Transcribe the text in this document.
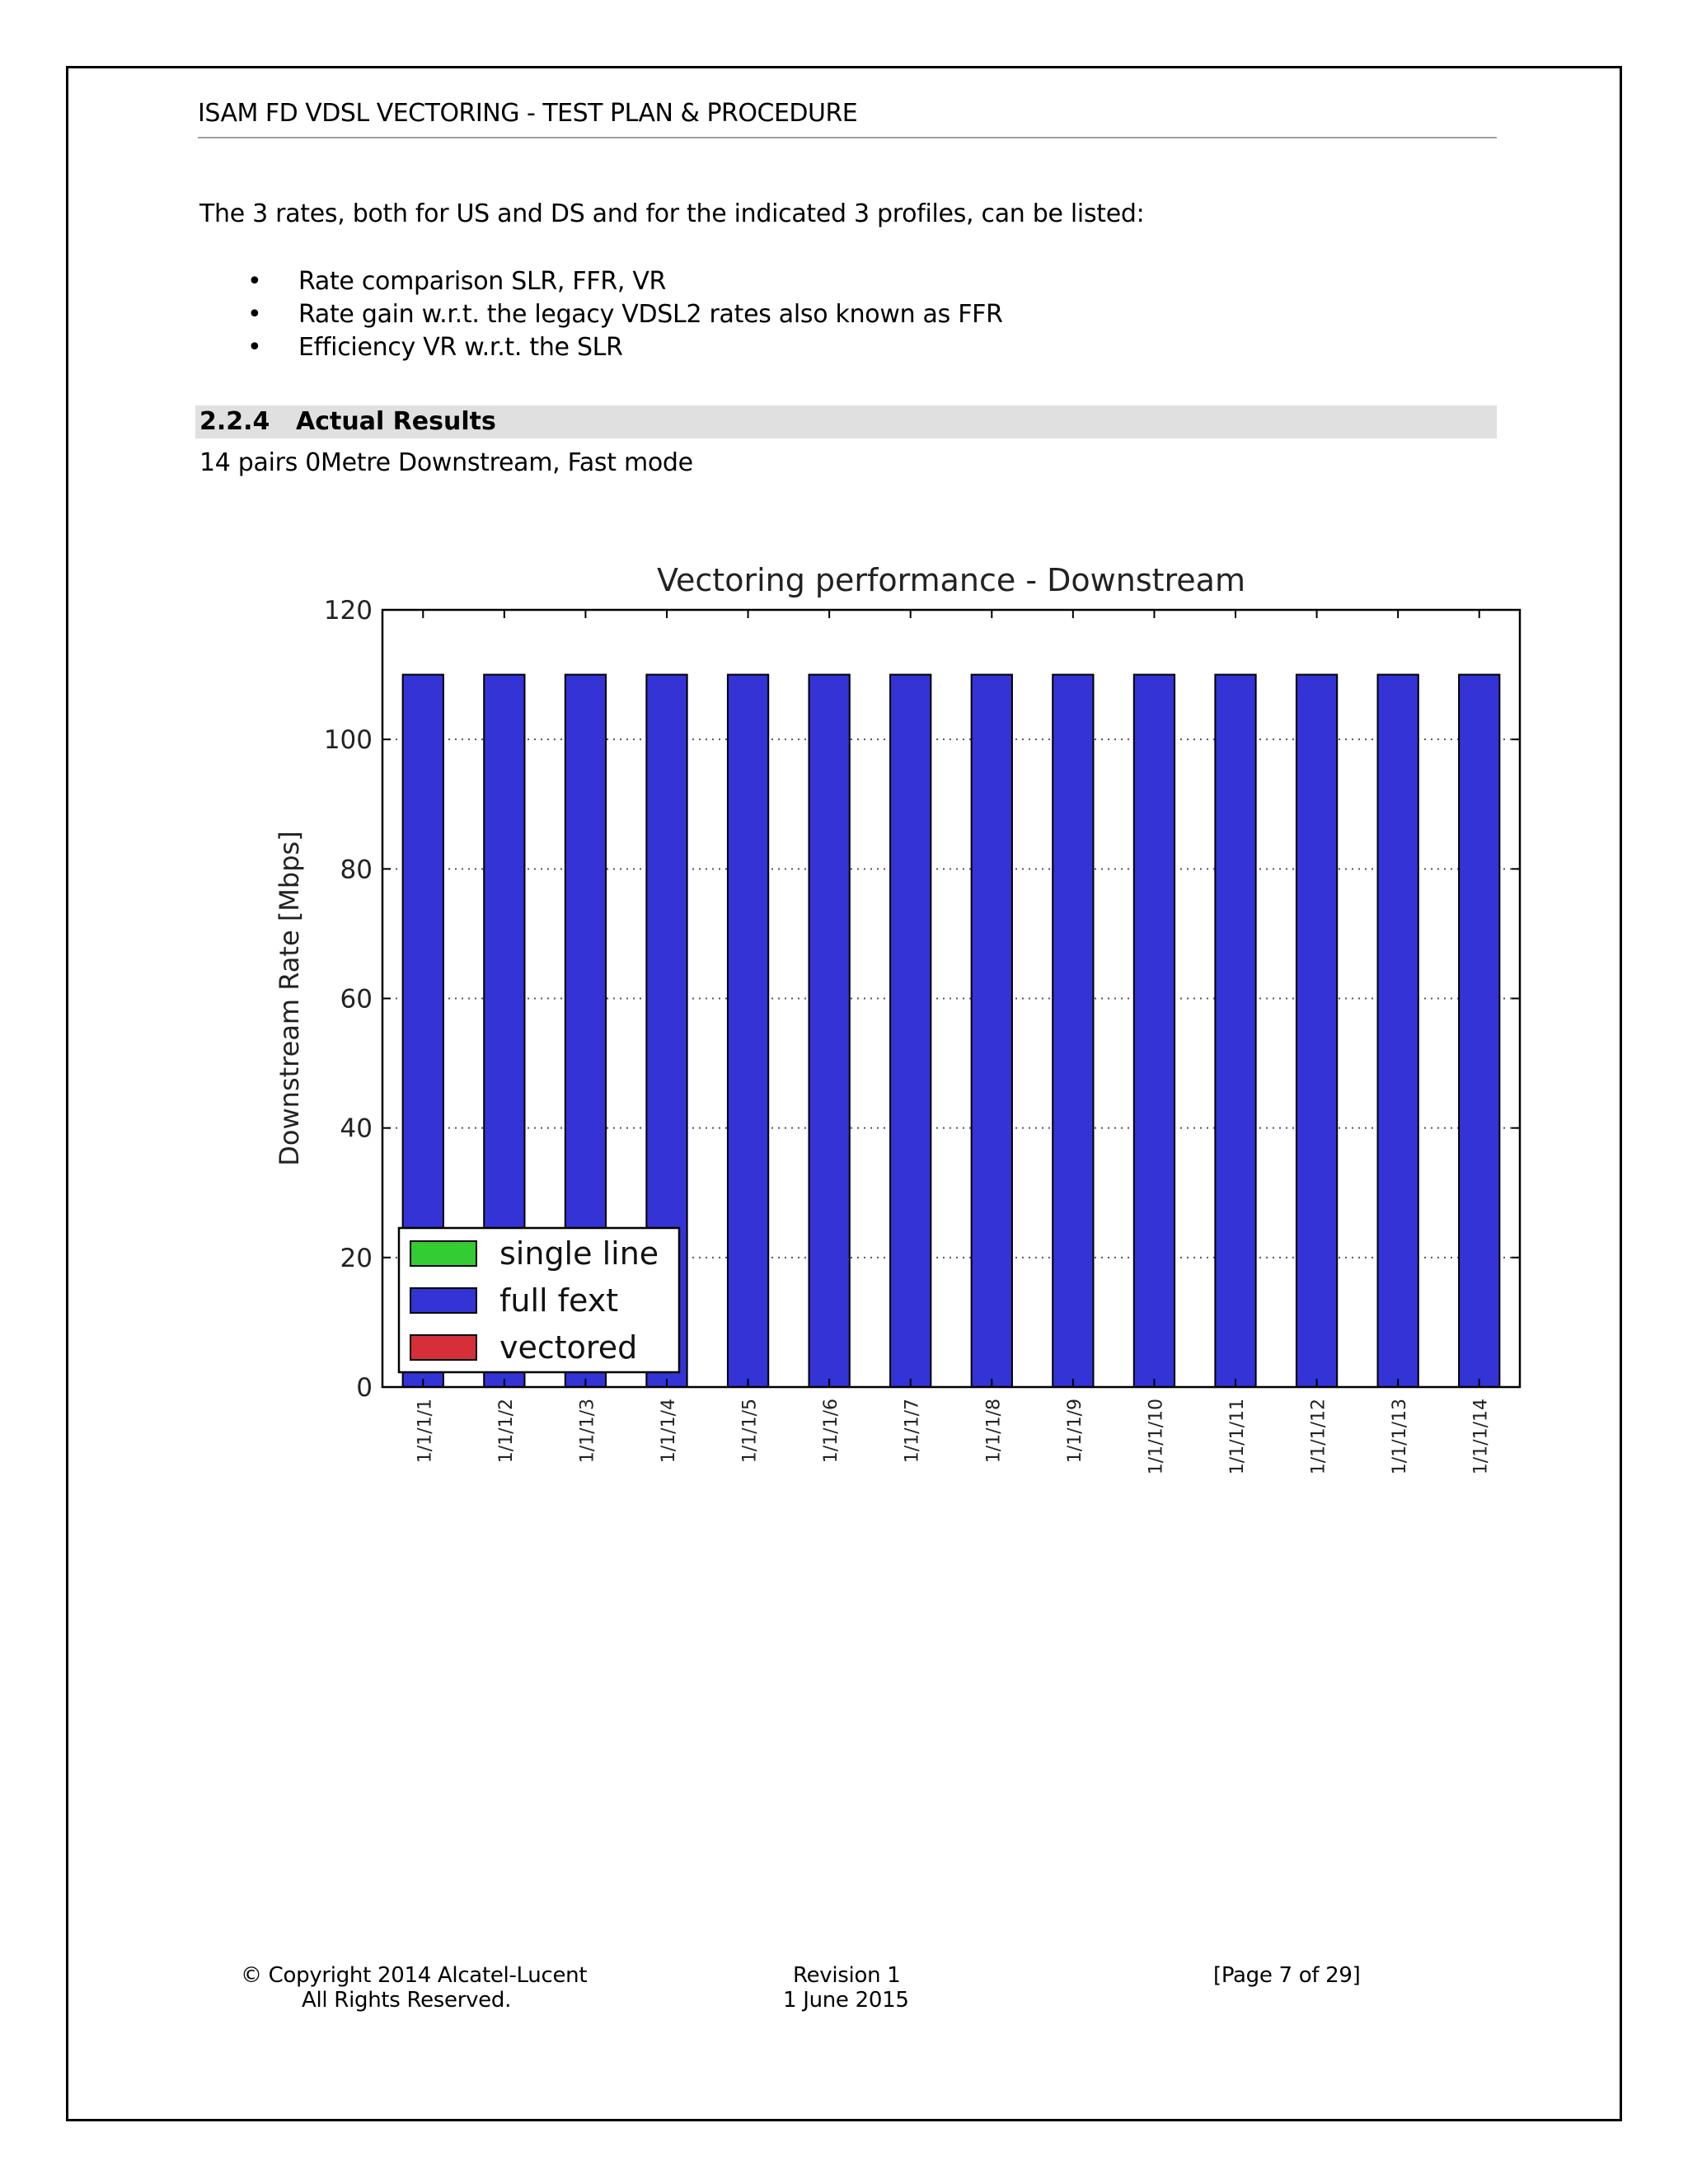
ISAM FD VDSL VECTORING - TEST PLAN & PROCEDURE

The 3 rates, both for US and DS and for the indicated 3 profiles, can be listed:

• Rate comparison SLR, FFR, VR
• Rate gain w.r.t. the legacy VDSL2 rates also known as FFR
• Efficiency VR w.r.t. the SLR
2.2.4 Actual Results

14 pairs 0Metre Downstream, Fast mode

Vectoring performance - Downstream
Downstream Rate [Mbps]
0
20
40
60
80
100
120
1/1/1/1	1/1/1/2	1/1/1/3	1/1/1/4	1/1/1/5	1/1/1/6	1/1/1/7	1/1/1/8	1/1/1/9	1/1/1/10	1/1/1/11	1/1/1/12	1/1/1/13	1/1/1/14
single line
full fext
vectored
© Copyright 2014 Alcatel-Lucent
All Rights Reserved.
Revision 1
1 June 2015
[Page 7 of 29]
